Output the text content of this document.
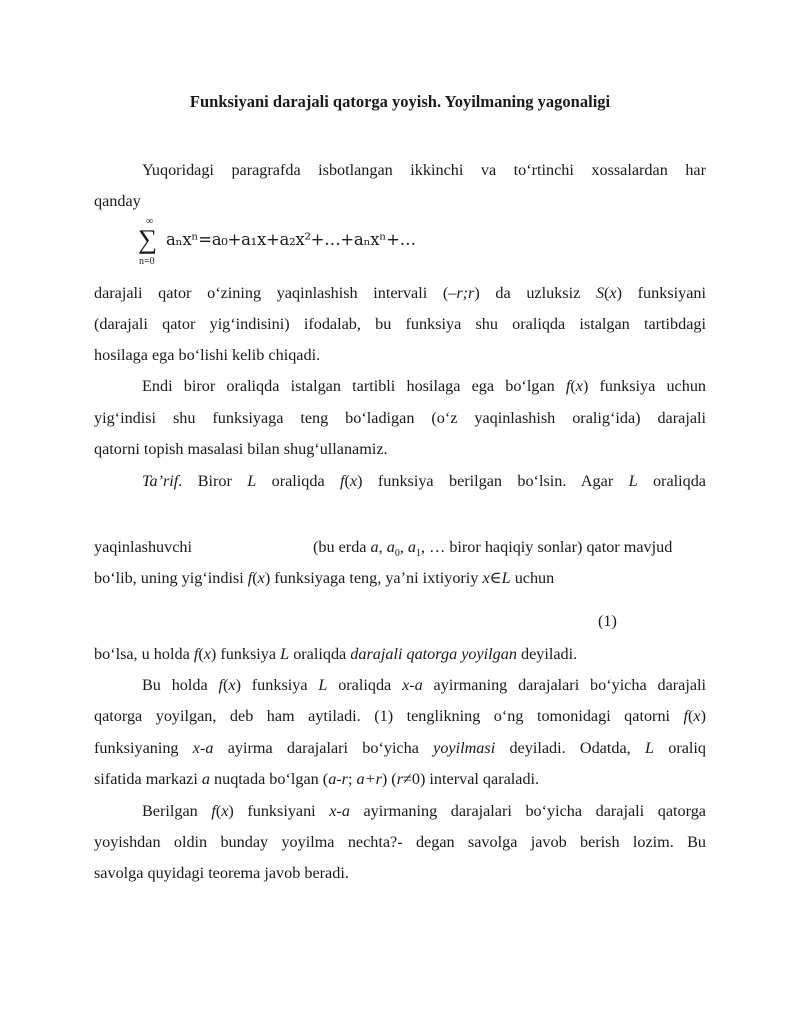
Funksiyani darajali qatorga yoyish. Yoyilmaning yagonaligi
Yuqoridagi paragrafda isbotlangan ikkinchi va to‘rtinchi xossalardan har
qanday
∞
∑
n=0
aₙxⁿ=a₀+a₁x+a₂x²+…+aₙxⁿ+…
darajali qator o‘zining yaqinlashish intervali (–r;r) da uzluksiz S(x) funksiyani
(darajali qator yig‘indisini) ifodalab, bu funksiya shu oraliqda istalgan tartibdagi
hosilaga ega bo‘lishi kelib chiqadi.
Endi biror oraliqda istalgan tartibli hosilaga ega bo‘lgan f(x) funksiya uchun
yig‘indisi shu funksiyaga teng bo‘ladigan (o‘z yaqinlashish oralig‘ida) darajali
qatorni topish masalasi bilan shug‘ullanamiz.
Ta’rif. Biror L oraliqda f(x) funksiya berilgan bo‘lsin. Agar L oraliqda
yaqinlashuvchi	(bu erda a, $a_0$, $a_1$, … biror haqiqiy sonlar) qator mavjud
bo‘lib, uning yig‘indisi f(x) funksiyaga teng, ya’ni ixtiyoriy x∈L uchun
(1)
bo‘lsa, u holda f(x) funksiya L oraliqda darajali qatorga yoyilgan deyiladi.
Bu holda f(x) funksiya L oraliqda x-a ayirmaning darajalari bo‘yicha darajali
qatorga yoyilgan, deb ham aytiladi. (1) tenglikning o‘ng tomonidagi qatorni f(x)
funksiyaning x-a ayirma darajalari bo‘yicha yoyilmasi deyiladi. Odatda, L oraliq
sifatida markazi a nuqtada bo‘lgan (a-r; a+r) (r≠0) interval qaraladi.
Berilgan f(x) funksiyani x-a ayirmaning darajalari bo‘yicha darajali qatorga
yoyishdan oldin bunday yoyilma nechta?- degan savolga javob berish lozim. Bu
savolga quyidagi teorema javob beradi.
